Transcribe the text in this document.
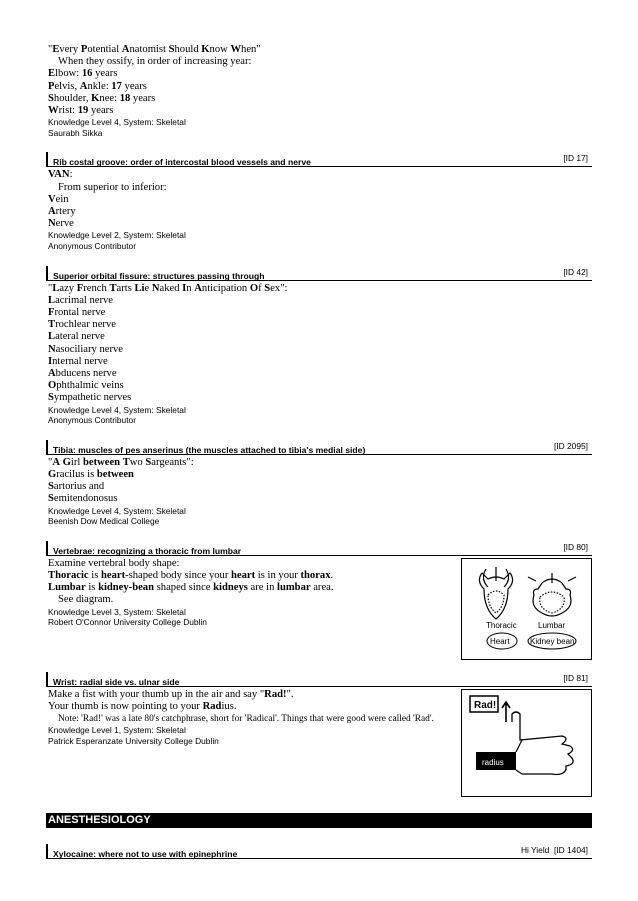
"Every Potential Anatomist Should Know When"
When they ossify, in order of increasing year:
Elbow: 16 years
Pelvis, Ankle: 17 years
Shoulder, Knee: 18 years
Wrist: 19 years
Knowledge Level 4, System: Skeletal
Saurabh Sikka
Rib costal groove: order of intercostal blood vessels and nerve	[ID 17]
VAN:
From superior to inferior:
Vein
Artery
Nerve
Knowledge Level 2, System: Skeletal
Anonymous Contributor
Superior orbital fissure: structures passing through	[ID 42]
"Lazy French Tarts Lie Naked In Anticipation Of Sex":
Lacrimal nerve
Frontal nerve
Trochlear nerve
Lateral nerve
Nasociliary nerve
Internal nerve
Abducens nerve
Ophthalmic veins
Sympathetic nerves
Knowledge Level 4, System: Skeletal
Anonymous Contributor
Tibia: muscles of pes anserinus (the muscles attached to tibia's medial side)	[ID 2095]
"A Girl between Two Sargeants":
Gracilus is between
Sartorius and
Semitendonosus
Knowledge Level 4, System: Skeletal
Beenish Dow Medical College
Vertebrae: recognizing a thoracic from lumbar	[ID 80]
Examine vertebral body shape:
Thoracic is heart-shaped body since your heart is in your thorax.
Lumbar is kidney-bean shaped since kidneys are in lumbar area.
See diagram.
Knowledge Level 3, System: Skeletal
Robert O'Connor University College Dublin	Thoracic	Lumbar
Heart	Kidney bean
Wrist: radial side vs. ulnar side	[ID 81]
Make a fist with your thumb up in the air and say "Rad!".
Your thumb is now pointing to your Radius.
Note: 'Rad!' was a late 80's catchphrase, short for 'Radical'. Things that were good were called 'Rad'.
Knowledge Level 1, System: Skeletal
Patrick Esperanzate University College Dublin
Rad!
radius
ANESTHESIOLOGY
Xylocaine: where not to use with epinephrine	Hi Yield [ID 1404]
